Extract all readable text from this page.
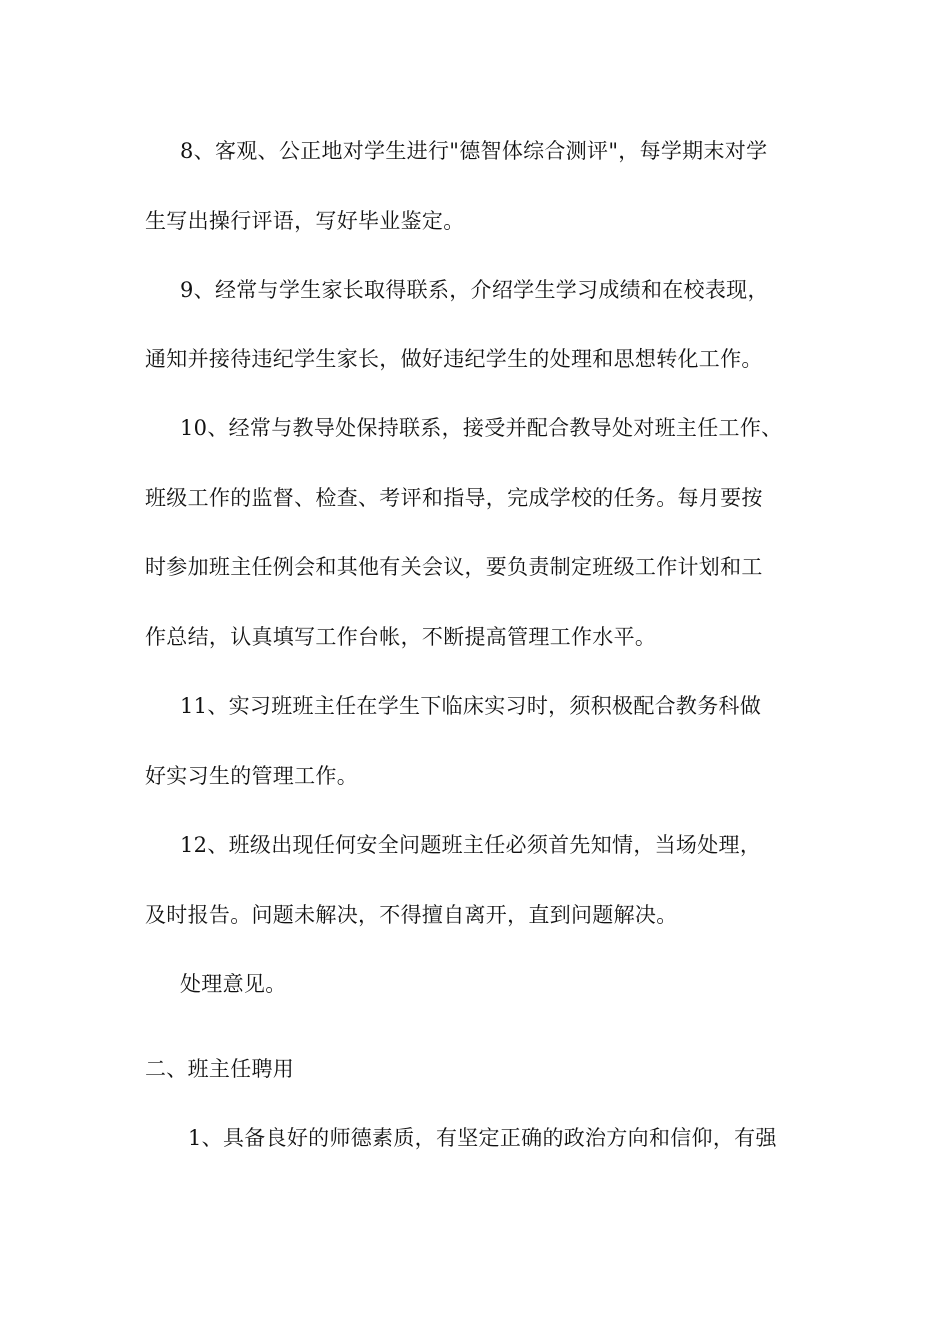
8、客观、公正地对学生进行"德智体综合测评"，每学期末对学
生写出操行评语，写好毕业鉴定。
9、经常与学生家长取得联系，介绍学生学习成绩和在校表现，
通知并接待违纪学生家长，做好违纪学生的处理和思想转化工作。
10、经常与教导处保持联系，接受并配合教导处对班主任工作、
班级工作的监督、检查、考评和指导，完成学校的任务。每月要按
时参加班主任例会和其他有关会议，要负责制定班级工作计划和工
作总结，认真填写工作台帐，不断提高管理工作水平。
11、实习班班主任在学生下临床实习时，须积极配合教务科做
好实习生的管理工作。
12、班级出现任何安全问题班主任必须首先知情，当场处理，
及时报告。问题未解决，不得擅自离开，直到问题解决。
处理意见。
二、班主任聘用
1、具备良好的师德素质，有坚定正确的政治方向和信仰，有强
